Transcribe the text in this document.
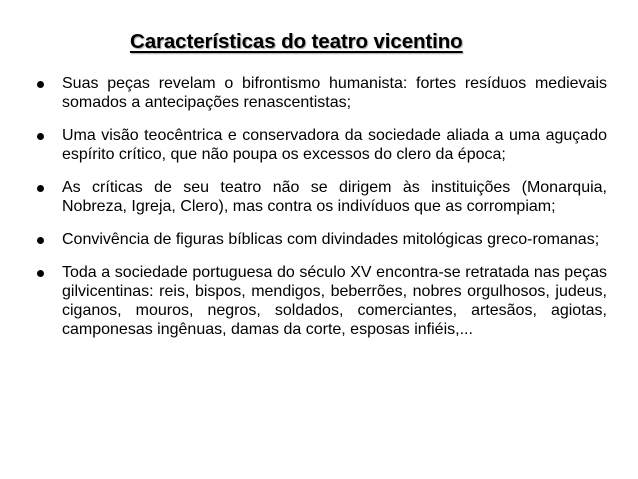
Características do teatro vicentino
Suas peças revelam o bifrontismo humanista: fortes resíduos medievais somados a antecipações renascentistas;
Uma visão teocêntrica e conservadora da sociedade aliada a uma aguçado espírito crítico, que não poupa os excessos do clero da época;
As críticas de seu teatro não se dirigem às instituições (Monarquia, Nobreza, Igreja, Clero), mas contra os indivíduos que as corrompiam;
Convivência de figuras bíblicas com divindades mitológicas greco-romanas;
Toda a sociedade portuguesa do século XV encontra-se retratada nas peças gilvicentinas: reis, bispos, mendigos, beberrões, nobres orgulhosos, judeus, ciganos, mouros, negros, soldados, comerciantes, artesãos, agiotas, camponesas ingênuas, damas da corte, esposas infiéis,...
